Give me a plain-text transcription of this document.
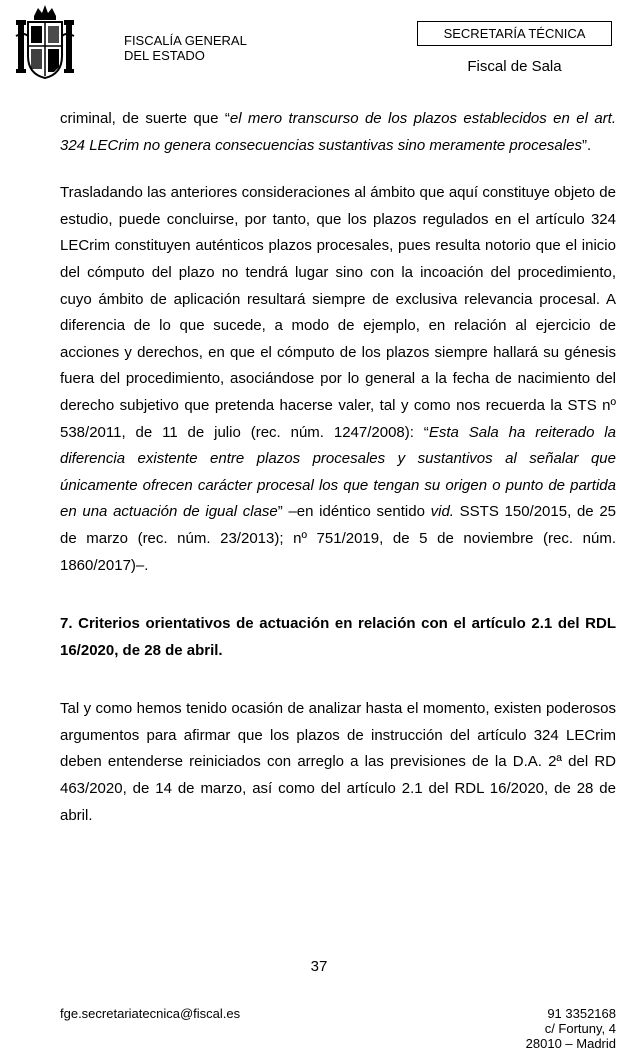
FISCALÍA GENERAL
DEL ESTADO
SECRETARÍA TÉCNICA
Fiscal de Sala

criminal, de suerte que “el mero transcurso de los plazos establecidos en el art. 324 LECrim no genera consecuencias sustantivas sino meramente procesales”.

Trasladando las anteriores consideraciones al ámbito que aquí constituye objeto de estudio, puede concluirse, por tanto, que los plazos regulados en el artículo 324 LECrim constituyen auténticos plazos procesales, pues resulta notorio que el inicio del cómputo del plazo no tendrá lugar sino con la incoación del procedimiento, cuyo ámbito de aplicación resultará siempre de exclusiva relevancia procesal. A diferencia de lo que sucede, a modo de ejemplo, en relación al ejercicio de acciones y derechos, en que el cómputo de los plazos siempre hallará su génesis fuera del procedimiento, asociándose por lo general a la fecha de nacimiento del derecho subjetivo que pretenda hacerse valer, tal y como nos recuerda la STS nº 538/2011, de 11 de julio (rec. núm. 1247/2008): “Esta Sala ha reiterado la diferencia existente entre plazos procesales y sustantivos al señalar que únicamente ofrecen carácter procesal los que tengan su origen o punto de partida en una actuación de igual clase” –en idéntico sentido vid. SSTS 150/2015, de 25 de marzo (rec. núm. 23/2013); nº 751/2019, de 5 de noviembre (rec. núm. 1860/2017)–.

7. Criterios orientativos de actuación en relación con el artículo 2.1 del RDL 16/2020, de 28 de abril.

Tal y como hemos tenido ocasión de analizar hasta el momento, existen poderosos argumentos para afirmar que los plazos de instrucción del artículo 324 LECrim deben entenderse reiniciados con arreglo a las previsiones de la D.A. 2ª del RD 463/2020, de 14 de marzo, así como del artículo 2.1 del RDL 16/2020, de 28 de abril.

37
fge.secretariatecnica@fiscal.es	91 3352168
c/ Fortuny, 4
28010 – Madrid
